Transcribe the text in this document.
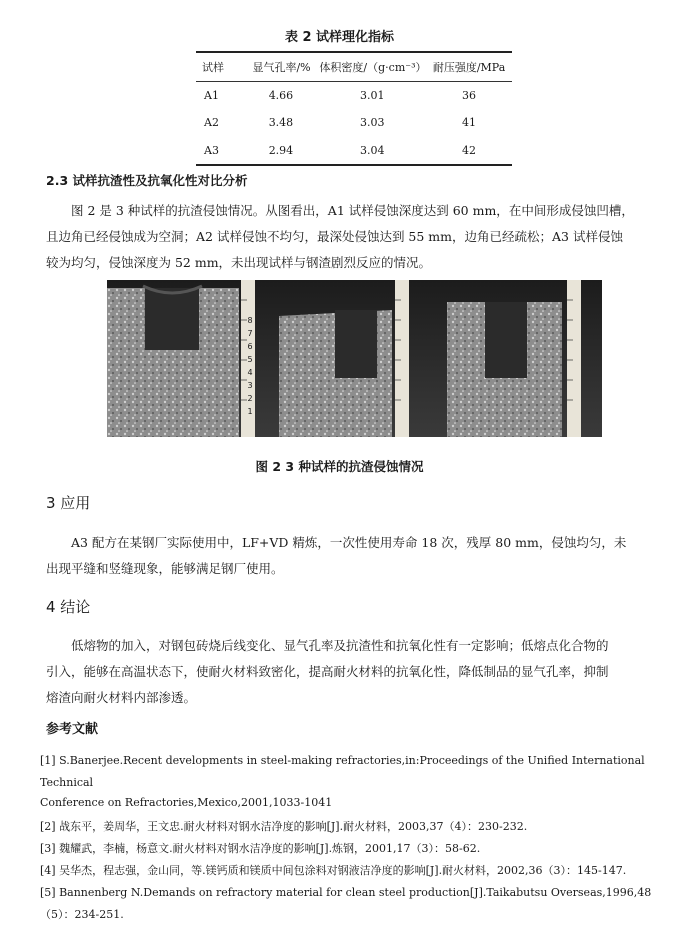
表 2 试样理化指标
试样	显气孔率/%	体积密度/（g·cm⁻³）	耐压强度/MPa
A1	4.66	3.01	36
A2	3.48	3.03	41
A3	2.94	3.04	42
2.3 试样抗渣性及抗氧化性对比分析
图 2 是 3 种试样的抗渣侵蚀情况。从图看出，A1 试样侵蚀深度达到 60 mm，在中间形成侵蚀凹槽，
且边角已经侵蚀成为空洞；A2 试样侵蚀不均匀，最深处侵蚀达到 55 mm，边角已经疏松；A3 试样侵蚀
较为均匀，侵蚀深度为 52 mm，未出现试样与钢渣剧烈反应的情况。
8
7
6
5
4
3
2
1
图 2 3 种试样的抗渣侵蚀情况
3 应用
A3 配方在某钢厂实际使用中，LF+VD 精炼，一次性使用寿命 18 次，残厚 80 mm，侵蚀均匀，未
出现平缝和竖缝现象，能够满足钢厂使用。
4 结论
低熔物的加入，对钢包砖烧后线变化、显气孔率及抗渣性和抗氧化性有一定影响；低熔点化合物的
引入，能够在高温状态下，使耐火材料致密化，提高耐火材料的抗氧化性，降低制品的显气孔率，抑制
熔渣向耐火材料内部渗透。
参考文献
[1] S.Banerjee.Recent developments in steel-making refractories,in:Proceedings of the Unified International Technical
Conference on Refractories,Mexico,2001,1033-1041
[2] 战东平，姜周华，王文忠.耐火材料对钢水洁净度的影响[J].耐火材料，2003,37（4）：230-232.
[3] 魏耀武，李楠，杨意文.耐火材料对钢水洁净度的影响[J].炼钢，2001,17（3）：58-62.
[4] 吴华杰，程志强，金山同，等.镁钙质和镁质中间包涂料对钢液洁净度的影响[J].耐火材料，2002,36（3）：145-147.
[5] Bannenberg N.Demands on refractory material for clean steel production[J].Taikabutsu Overseas,1996,48（5）：234-251.
